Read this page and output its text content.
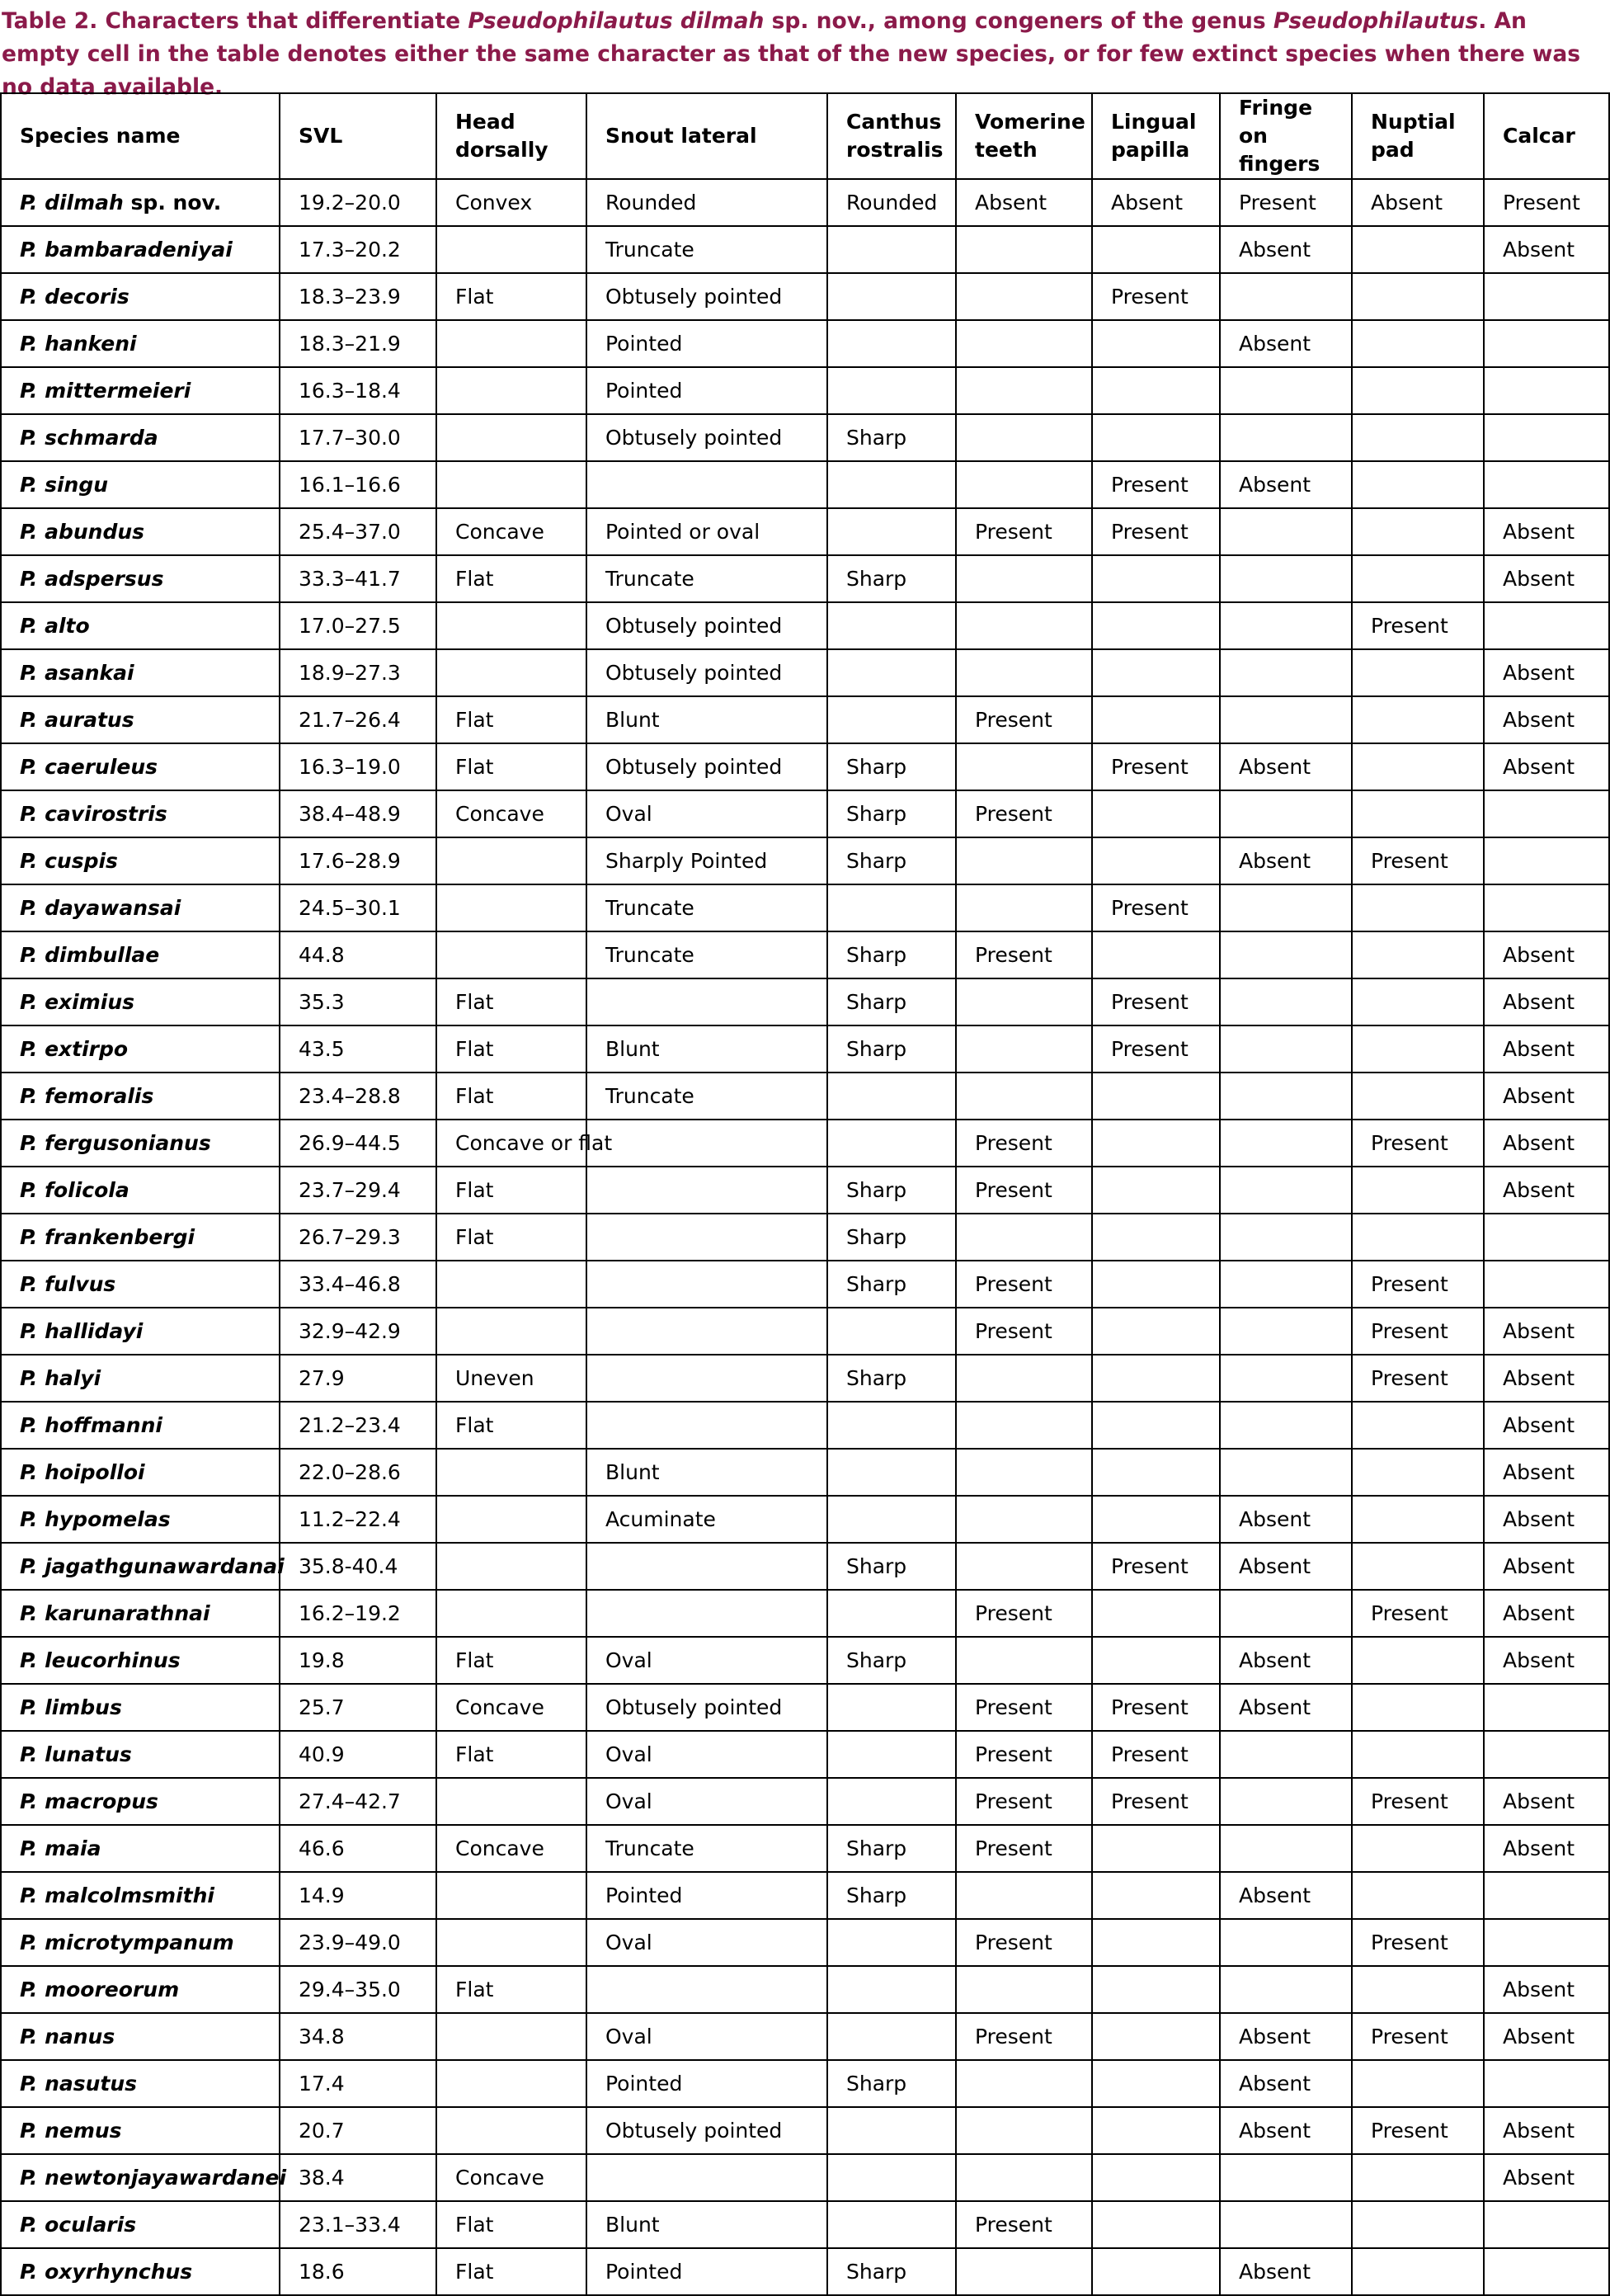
Table 2. Characters that differentiate Pseudophilautus dilmah sp. nov., among congeners of the genus Pseudophilautus. An empty cell in the table denotes either the same character as that of the new species, or for few extinct species when there was no data available.

Species name	SVL	Head dorsally	Snout lateral	Canthus rostralis	Vomerine teeth	Lingual papilla	Fringe on fingers	Nuptial pad	Calcar
P. dilmah sp. nov.	19.2–20.0	Convex	Rounded	Rounded	Absent	Absent	Present	Absent	Present
P. bambaradeniyai	17.3–20.2		Truncate				Absent		Absent
P. decoris	18.3–23.9	Flat	Obtusely pointed			Present			
P. hankeni	18.3–21.9		Pointed				Absent		
P. mittermeieri	16.3–18.4		Pointed						
P. schmarda	17.7–30.0		Obtusely pointed	Sharp					
P. singu	16.1–16.6					Present	Absent		
P. abundus	25.4–37.0	Concave	Pointed or oval		Present	Present			Absent
P. adspersus	33.3–41.7	Flat	Truncate	Sharp					Absent
P. alto	17.0–27.5		Obtusely pointed					Present	
P. asankai	18.9–27.3		Obtusely pointed						Absent
P. auratus	21.7–26.4	Flat	Blunt		Present				Absent
P. caeruleus	16.3–19.0	Flat	Obtusely pointed	Sharp		Present	Absent		Absent
P. cavirostris	38.4–48.9	Concave	Oval	Sharp	Present				
P. cuspis	17.6–28.9		Sharply Pointed	Sharp			Absent	Present	
P. dayawansai	24.5–30.1		Truncate			Present			
P. dimbullae	44.8		Truncate	Sharp	Present				Absent
P. eximius	35.3	Flat		Sharp		Present			Absent
P. extirpo	43.5	Flat	Blunt	Sharp		Present			Absent
P. femoralis	23.4–28.8	Flat	Truncate						Absent
P. fergusonianus	26.9–44.5	Concave or flat			Present			Present	Absent
P. folicola	23.7–29.4	Flat		Sharp	Present				Absent
P. frankenbergi	26.7–29.3	Flat		Sharp					
P. fulvus	33.4–46.8			Sharp	Present			Present	
P. hallidayi	32.9–42.9				Present			Present	Absent
P. halyi	27.9	Uneven		Sharp				Present	Absent
P. hoffmanni	21.2–23.4	Flat							Absent
P. hoipolloi	22.0–28.6		Blunt						Absent
P. hypomelas	11.2–22.4		Acuminate				Absent		Absent
P. jagathgunawardanai	35.8-40.4			Sharp		Present	Absent		Absent
P. karunarathnai	16.2–19.2				Present			Present	Absent
P. leucorhinus	19.8	Flat	Oval	Sharp			Absent		Absent
P. limbus	25.7	Concave	Obtusely pointed		Present	Present	Absent		
P. lunatus	40.9	Flat	Oval		Present	Present			
P. macropus	27.4–42.7		Oval		Present	Present		Present	Absent
P. maia	46.6	Concave	Truncate	Sharp	Present				Absent
P. malcolmsmithi	14.9		Pointed	Sharp			Absent		
P. microtympanum	23.9–49.0		Oval		Present			Present	
P. mooreorum	29.4–35.0	Flat							Absent
P. nanus	34.8		Oval		Present		Absent	Present	Absent
P. nasutus	17.4		Pointed	Sharp			Absent		
P. nemus	20.7		Obtusely pointed				Absent	Present	Absent
P. newtonjayawardanei	38.4	Concave							Absent
P. ocularis	23.1–33.4	Flat	Blunt		Present				
P. oxyrhynchus	18.6	Flat	Pointed	Sharp			Absent		
